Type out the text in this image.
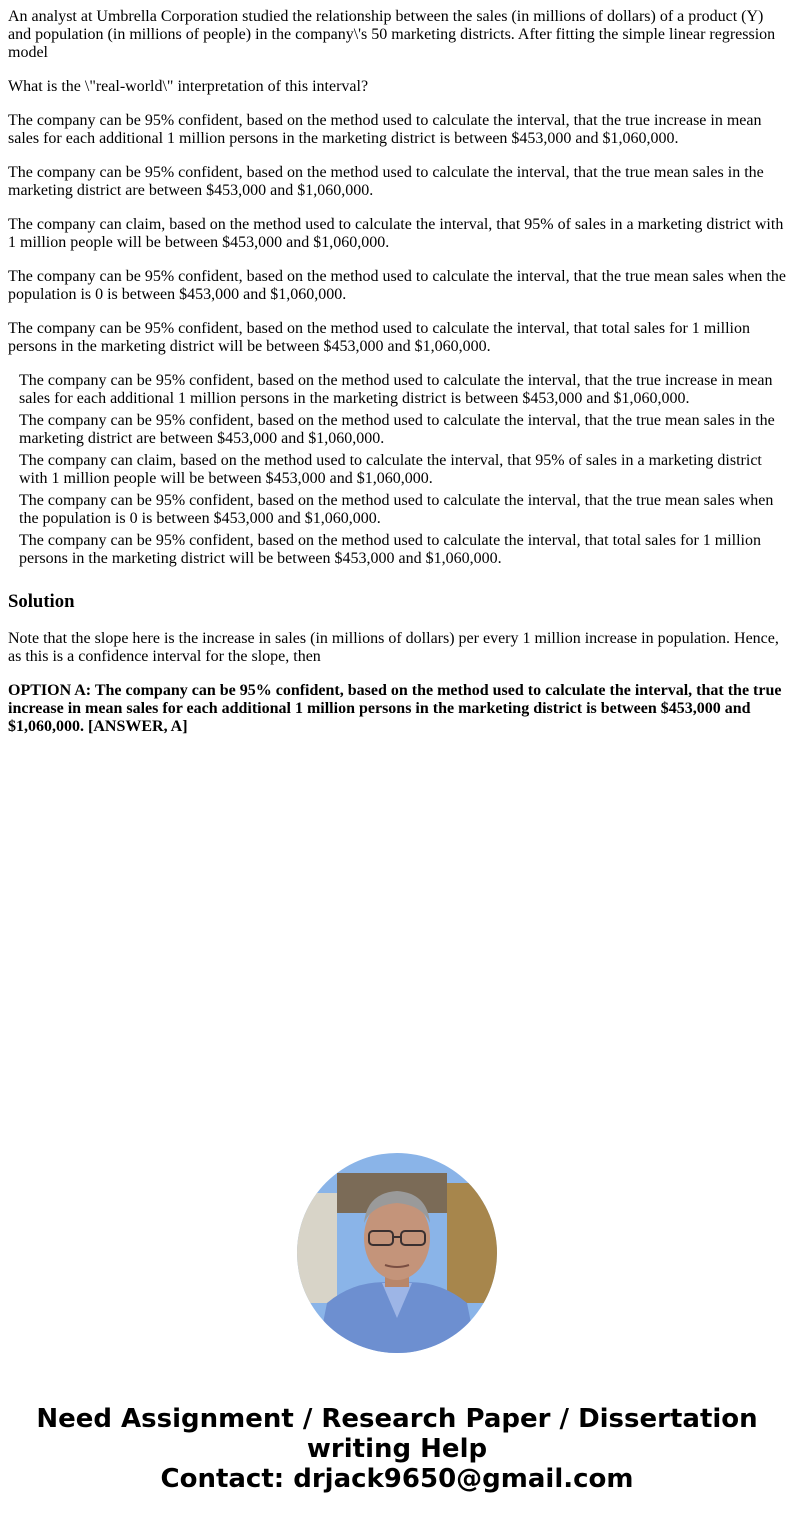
An analyst at Umbrella Corporation studied the relationship between the sales (in millions of dollars) of a product (Y) and population (in millions of people) in the company\'s 50 marketing districts. After fitting the simple linear regression model

What is the \"real-world\" interpretation of this interval?

The company can be 95% confident, based on the method used to calculate the interval, that the true increase in mean sales for each additional 1 million persons in the marketing district is between $453,000 and $1,060,000.

The company can be 95% confident, based on the method used to calculate the interval, that the true mean sales in the marketing district are between $453,000 and $1,060,000.

The company can claim, based on the method used to calculate the interval, that 95% of sales in a marketing district with 1 million people will be between $453,000 and $1,060,000.

The company can be 95% confident, based on the method used to calculate the interval, that the true mean sales when the population is 0 is between $453,000 and $1,060,000.

The company can be 95% confident, based on the method used to calculate the interval, that total sales for 1 million persons in the marketing district will be between $453,000 and $1,060,000.

The company can be 95% confident, based on the method used to calculate the interval, that the true increase in mean sales for each additional 1 million persons in the marketing district is between $453,000 and $1,060,000.
The company can be 95% confident, based on the method used to calculate the interval, that the true mean sales in the marketing district are between $453,000 and $1,060,000.
The company can claim, based on the method used to calculate the interval, that 95% of sales in a marketing district with 1 million people will be between $453,000 and $1,060,000.
The company can be 95% confident, based on the method used to calculate the interval, that the true mean sales when the population is 0 is between $453,000 and $1,060,000.
The company can be 95% confident, based on the method used to calculate the interval, that total sales for 1 million persons in the marketing district will be between $453,000 and $1,060,000.
Solution

Note that the slope here is the increase in sales (in millions of dollars) per every 1 million increase in population. Hence, as this is a confidence interval for the slope, then

OPTION A: The company can be 95% confident, based on the method used to calculate the interval, that the true increase in mean sales for each additional 1 million persons in the marketing district is between $453,000 and $1,060,000. [ANSWER, A]

Need Assignment / Research Paper / Dissertation writing Help
Contact: drjack9650@gmail.com
